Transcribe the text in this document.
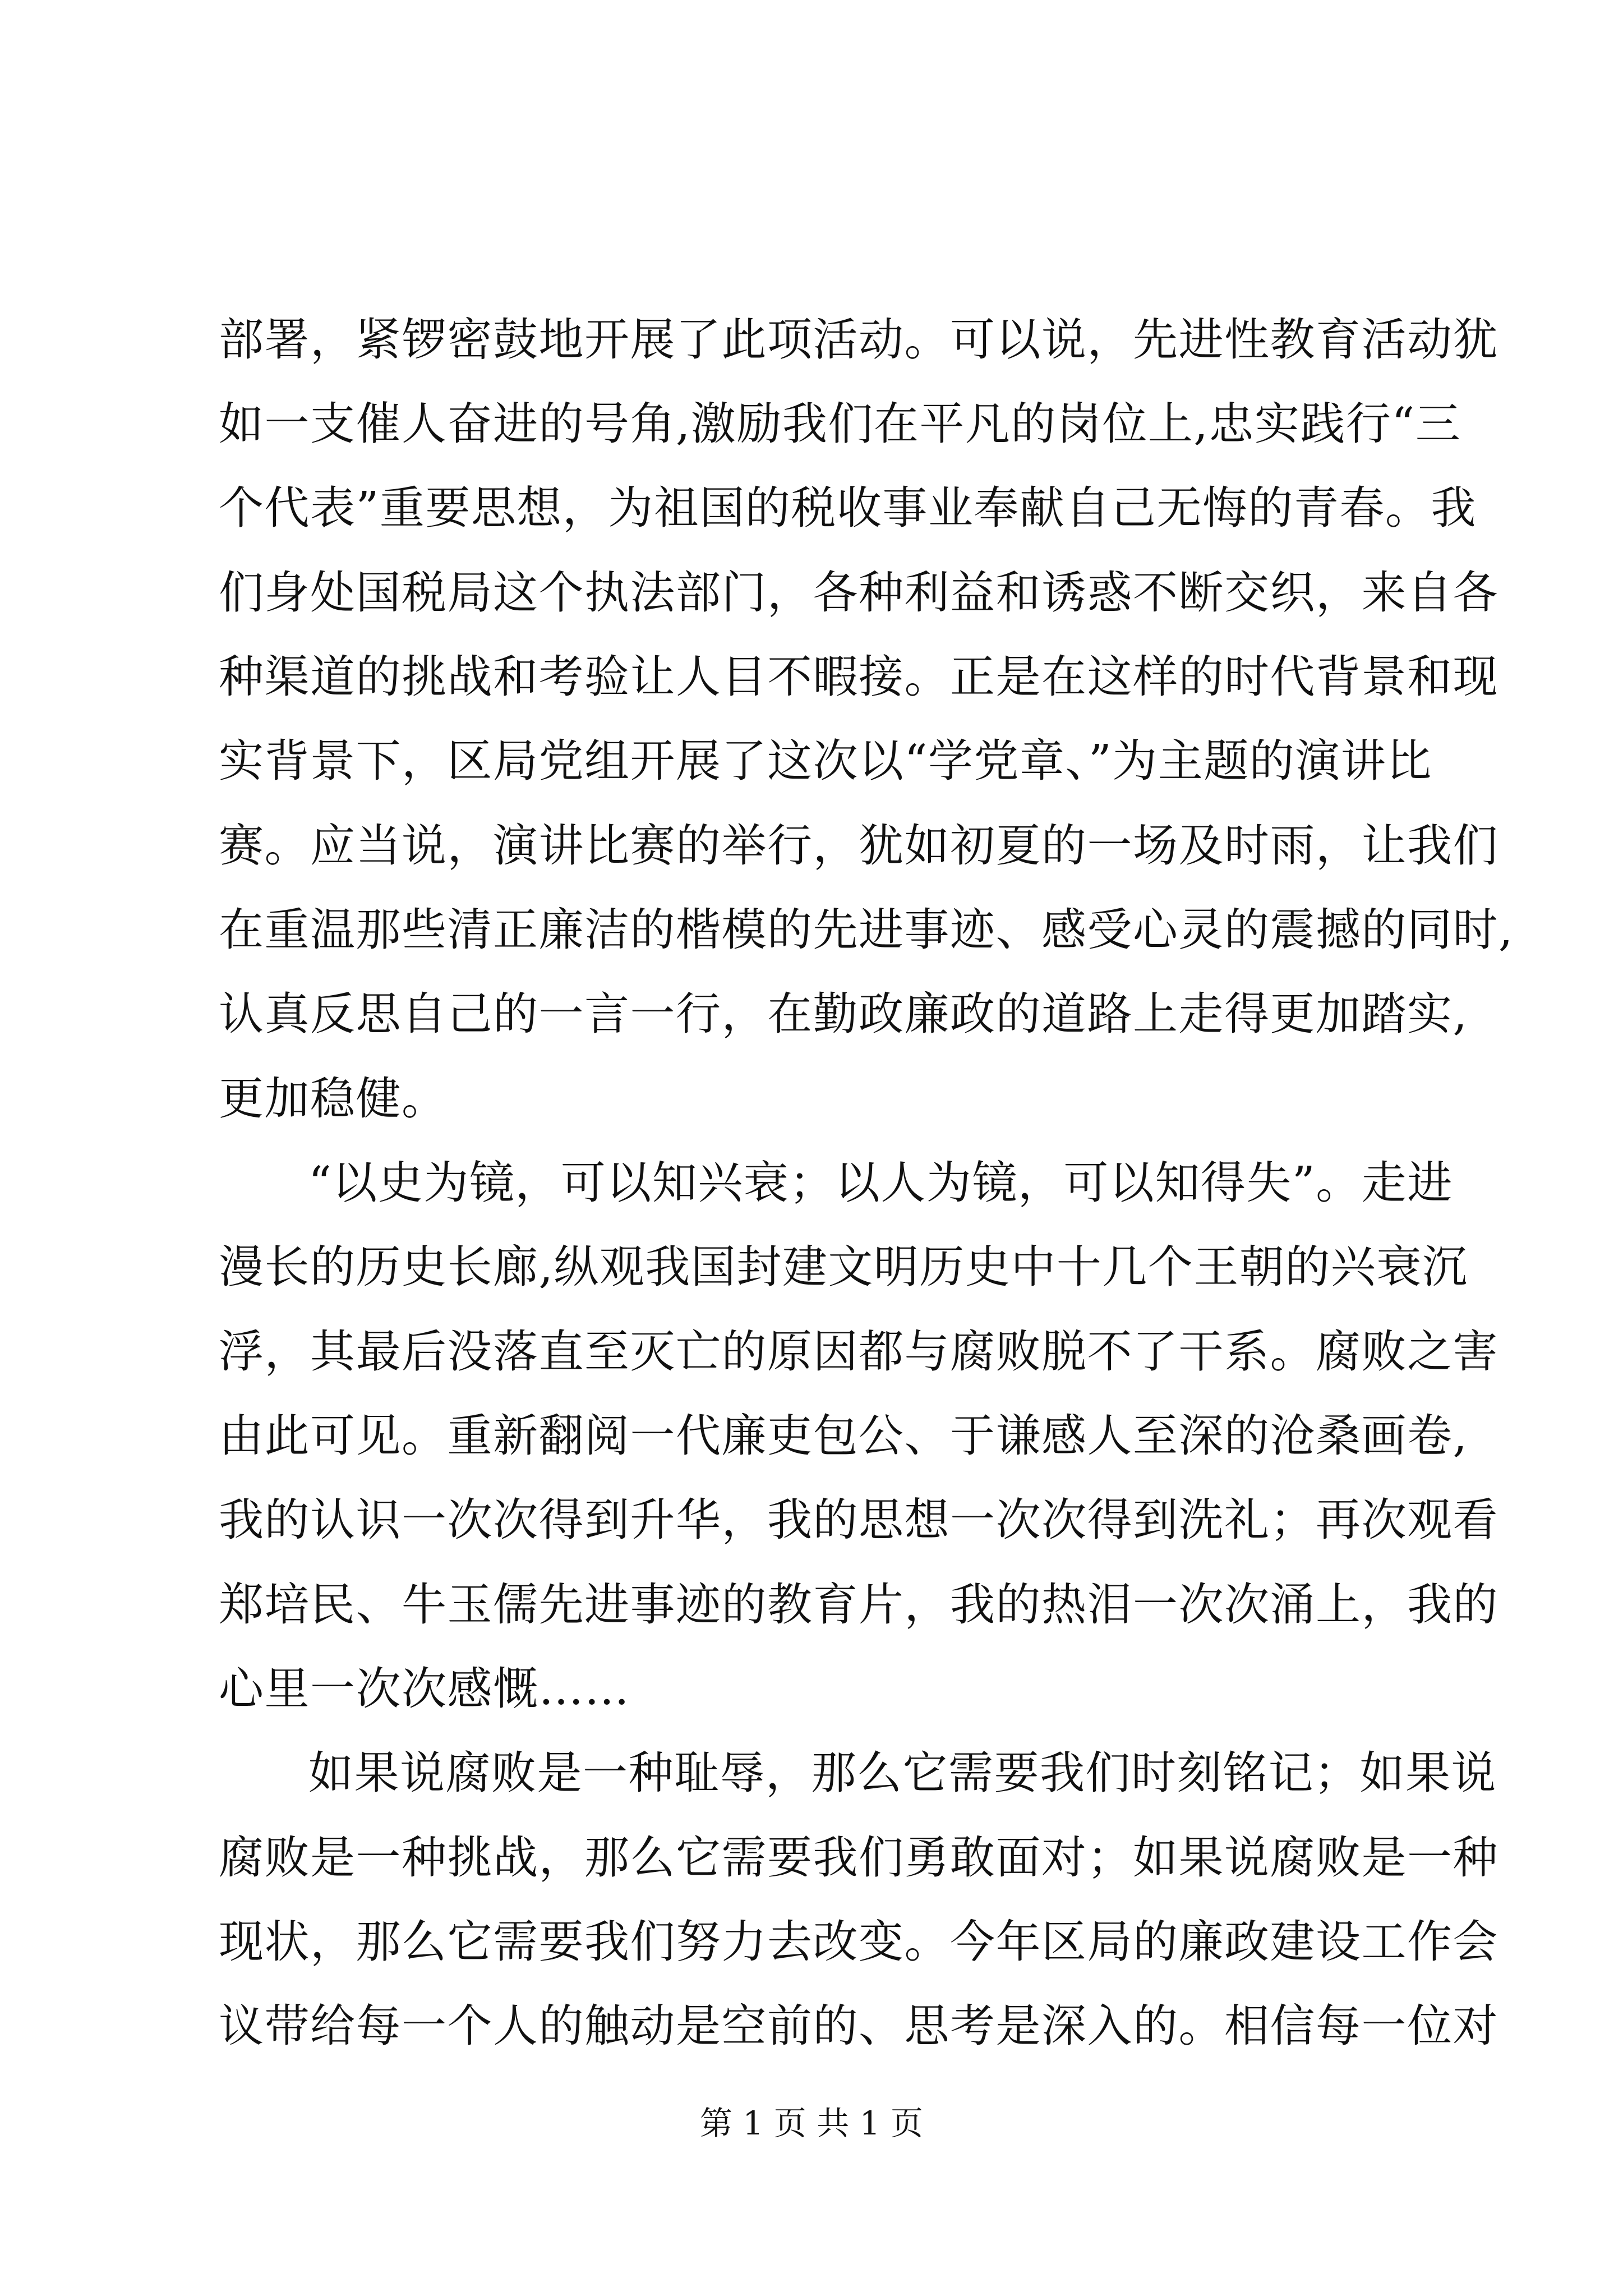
部署，紧锣密鼓地开展了此项活动。可以说，先进性教育活动犹
如一支催人奋进的号角,激励我们在平凡的岗位上,忠实践行“三
个代表”重要思想，为祖国的税收事业奉献自己无悔的青春。我
们身处国税局这个执法部门，各种利益和诱惑不断交织，来自各
种渠道的挑战和考验让人目不暇接。正是在这样的时代背景和现
实背景下，区局党组开展了这次以“学党章、”为主题的演讲比
赛。应当说，演讲比赛的举行，犹如初夏的一场及时雨，让我们
在重温那些清正廉洁的楷模的先进事迹、感受心灵的震撼的同时,
认真反思自己的一言一行，在勤政廉政的道路上走得更加踏实,
更加稳健。
“以史为镜，可以知兴衰；以人为镜，可以知得失”。走进
漫长的历史长廊,纵观我国封建文明历史中十几个王朝的兴衰沉
浮，其最后没落直至灭亡的原因都与腐败脱不了干系。腐败之害
由此可见。重新翻阅一代廉吏包公、于谦感人至深的沧桑画卷,
我的认识一次次得到升华，我的思想一次次得到洗礼；再次观看
郑培民、牛玉儒先进事迹的教育片，我的热泪一次次涌上，我的
心里一次次感慨……
如果说腐败是一种耻辱，那么它需要我们时刻铭记；如果说
腐败是一种挑战，那么它需要我们勇敢面对；如果说腐败是一种
现状，那么它需要我们努力去改变。今年区局的廉政建设工作会
议带给每一个人的触动是空前的、思考是深入的。相信每一位对
第 1 页 共 1 页
